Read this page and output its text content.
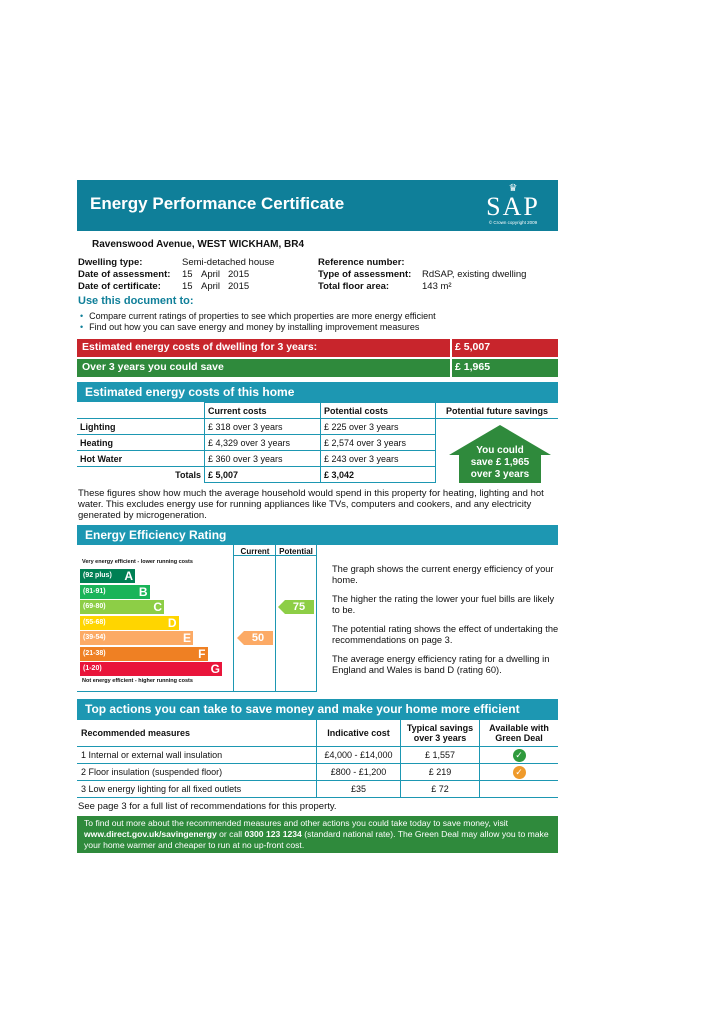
Energy Performance Certificate
♛
SAP
© Crown copyright 2009
Ravenswood Avenue, WEST WICKHAM, BR4
Dwelling type:	Semi-detached house
Date of assessment: 15 April 2015
Date of certificate: 15 April 2015
Reference number:
Type of assessment: RdSAP, existing dwelling
Total floor area:	143 m²
Use this document to:
• Compare current ratings of properties to see which properties are more energy efficient
• Find out how you can save energy and money by installing improvement measures
Estimated energy costs of dwelling for 3 years:	£ 5,007
Over 3 years you could save	£ 1,965
Estimated energy costs of this home
	Current costs	Potential costs	Potential future savings
Lighting	£ 318 over 3 years	£ 225 over 3 years	
Heating	£ 4,329 over 3 years	£ 2,574 over 3 years	
Hot Water	£ 360 over 3 years	£ 243 over 3 years	
Totals	£ 5,007	£ 3,042	
You could
save £ 1,965
over 3 years
These figures show how much the average household would spend in this property for heating, lighting and hot water. This excludes energy use for running appliances like TVs, computers and cookers, and any electricity generated by microgeneration.
Energy Efficiency Rating
Current	Potential
Very energy efficient - lower running costs
Not energy efficient - higher running costs
(92 plus) A
(81-91)	B
(69-80)	C
(55-68)	D
(39-54)	E
(21-38)	F
(1-20)	G
50
75
The graph shows the current energy efficiency of your home.
The higher the rating the lower your fuel bills are likely to be.
The potential rating shows the effect of undertaking the recommendations on page 3.
The average energy efficiency rating for a dwelling in England and Wales is band D (rating 60).
Top actions you can take to save money and make your home more efficient
Recommended measures	Indicative cost	Typical savings over 3 years	Available with Green Deal
1 Internal or external wall insulation	£4,000 - £14,000	£ 1,557	✓
2 Floor insulation (suspended floor)	£800 - £1,200	£ 219	✓
3 Low energy lighting for all fixed outlets	£35	£ 72	
See page 3 for a full list of recommendations for this property.
To find out more about the recommended measures and other actions you could take today to save money, visit www.direct.gov.uk/savingenergy or call 0300 123 1234 (standard national rate). The Green Deal may allow you to make your home warmer and cheaper to run at no up-front cost.
